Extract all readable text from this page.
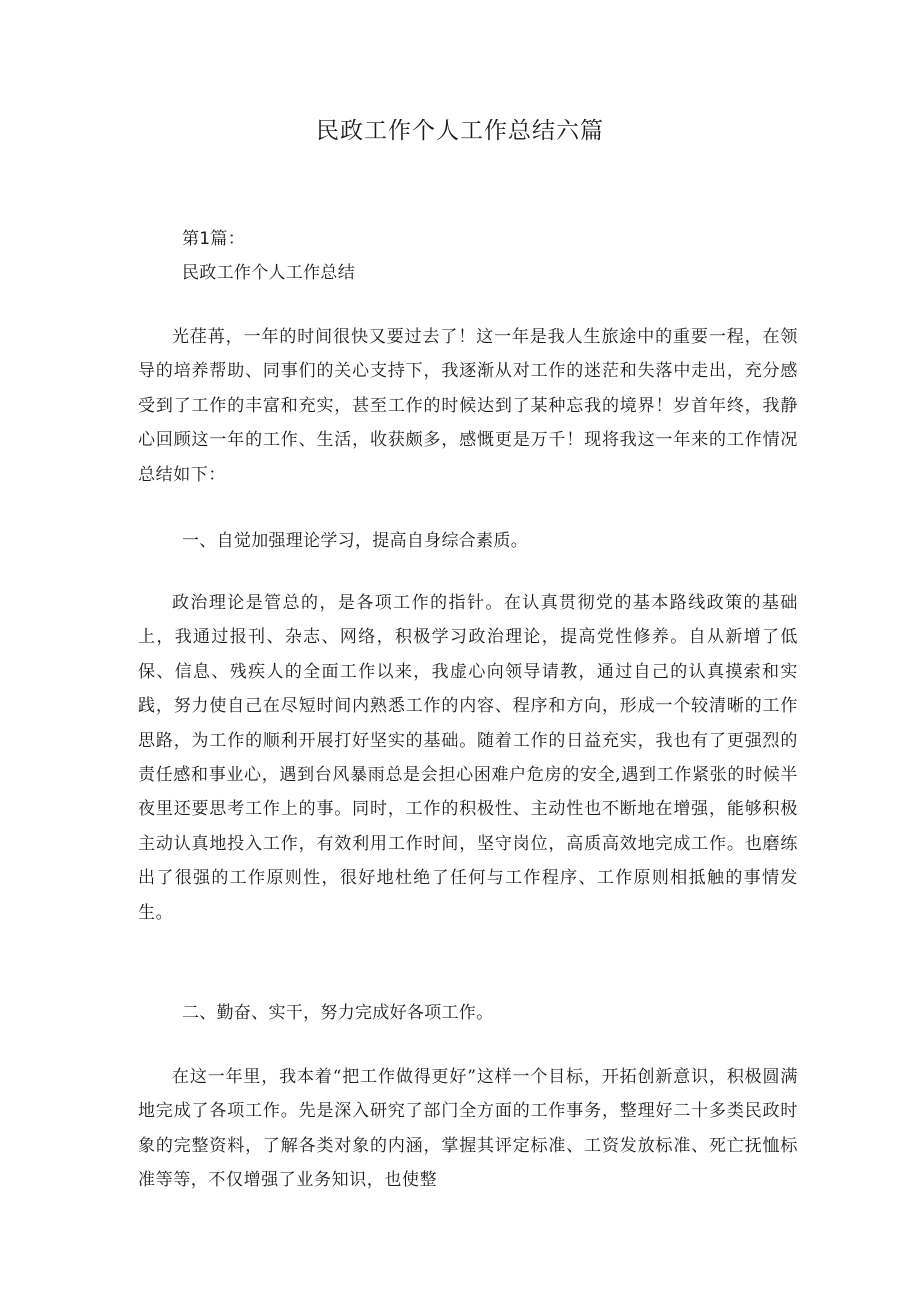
民政工作个人工作总结六篇
第1篇：
民政工作个人工作总结

光荏苒，一年的时间很快又要过去了！这一年是我人生旅途中的重要一程，在领导的培养帮助、同事们的关心支持下，我逐渐从对工作的迷茫和失落中走出，充分感受到了工作的丰富和充实，甚至工作的时候达到了某种忘我的境界！岁首年终，我静心回顾这一年的工作、生活，收获颇多，感慨更是万千！现将我这一年来的工作情况总结如下：

一、自觉加强理论学习，提高自身综合素质。

政治理论是管总的，是各项工作的指针。在认真贯彻党的基本路线政策的基础上，我通过报刊、杂志、网络，积极学习政治理论，提高党性修养。自从新增了低保、信息、残疾人的全面工作以来，我虚心向领导请教，通过自己的认真摸索和实践，努力使自己在尽短时间内熟悉工作的内容、程序和方向，形成一个较清晰的工作思路，为工作的顺利开展打好坚实的基础。随着工作的日益充实，我也有了更强烈的责任感和事业心，遇到台风暴雨总是会担心困难户危房的安全,遇到工作紧张的时候半夜里还要思考工作上的事。同时，工作的积极性、主动性也不断地在增强，能够积极主动认真地投入工作，有效利用工作时间，坚守岗位，高质高效地完成工作。也磨练出了很强的工作原则性，很好地杜绝了任何与工作程序、工作原则相抵触的事情发生。

二、勤奋、实干，努力完成好各项工作。

在这一年里，我本着“把工作做得更好”这样一个目标，开拓创新意识，积极圆满地完成了各项工作。先是深入研究了部门全方面的工作事务，整理好二十多类民政时象的完整资料，了解各类对象的内涵，掌握其评定标准、工资发放标准、死亡抚恤标准等等，不仅增强了业务知识，也使整
